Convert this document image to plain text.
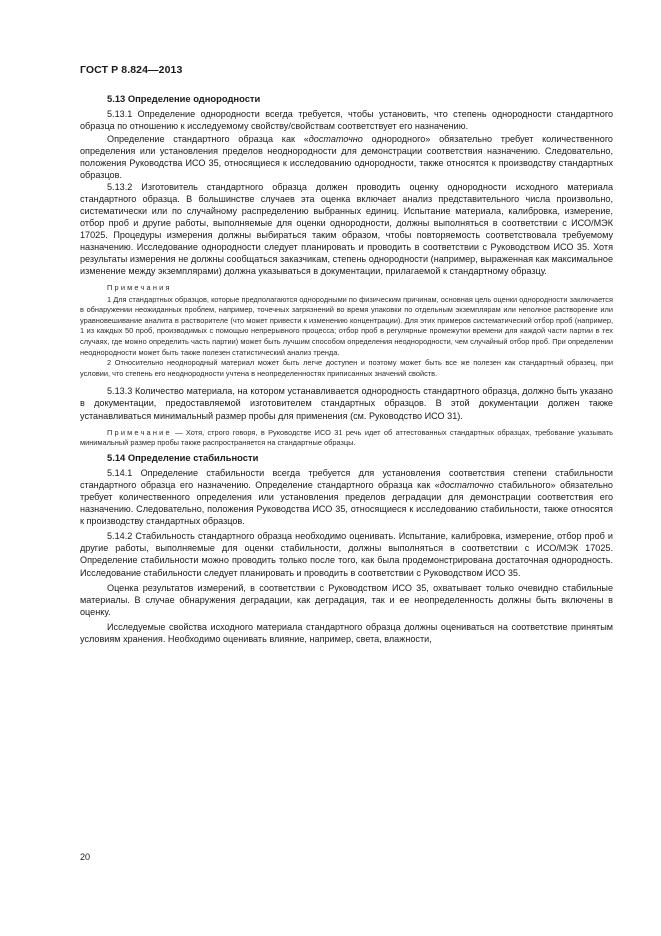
ГОСТ Р 8.824—2013
5.13 Определение однородности

5.13.1 Определение однородности всегда требуется, чтобы установить, что степень однородности стандартного образца по отношению к исследуемому свойству/свойствам соответствует его назначению.

Определение стандартного образца как «достаточно однородного» обязательно требует количественного определения или установления пределов неоднородности для демонстрации соответствия назначению. Следовательно, положения Руководства ИСО 35, относящиеся к исследованию однородности, также относятся к производству стандартных образцов.

5.13.2 Изготовитель стандартного образца должен проводить оценку однородности исходного материала стандартного образца. В большинстве случаев эта оценка включает анализ представительного числа произвольно, систематически или по случайному распределению выбранных единиц. Испытание материала, калибровка, измерение, отбор проб и другие работы, выполняемые для оценки однородности, должны выполняться в соответствии с ИСО/МЭК 17025. Процедуры измерения должны выбираться таким образом, чтобы повторяемость соответствовала требуемому назначению. Исследование однородности следует планировать и проводить в соответствии с Руководством ИСО 35. Хотя результаты измерения не должны сообщаться заказчикам, степень однородности (например, выраженная как максимальное изменение между экземплярами) должна указываться в документации, прилагаемой к стандартному образцу.

Примечания

1 Для стандартных образцов, которые предполагаются однородными по физическим причинам, основная цель оценки однородности заключается в обнаружении неожиданных проблем, например, точечных загрязнений во время упаковки по отдельным экземплярам или неполное растворение или уравновешивание аналита в растворителе (что может привести к изменению концентрации). Для этих примеров систематический отбор проб (например, 1 из каждых 50 проб, производимых с помощью непрерывного процесса; отбор проб в регулярные промежутки времени для каждой части партии в тех случаях, где можно определить часть партии) может быть лучшим способом определения неоднородности, чем случайный отбор проб. При определении неоднородности может быть также полезен статистический анализ тренда.

2 Относительно неоднородный материал может быть легче доступен и поэтому может быть все же полезен как стандартный образец, при условии, что степень его неоднородности учтена в неопределенностях приписанных значений свойств.

5.13.3 Количество материала, на котором устанавливается однородность стандартного образца, должно быть указано в документации, предоставляемой изготовителем стандартных образцов. В этой документации должен также устанавливаться минимальный размер пробы для применения (см. Руководство ИСО 31).

Примечание — Хотя, строго говоря, в Руководстве ИСО 31 речь идет об аттестованных стандартных образцах, требование указывать минимальный размер пробы также распространяется на стандартные образцы.

5.14 Определение стабильности

5.14.1 Определение стабильности всегда требуется для установления соответствия степени стабильности стандартного образца его назначению. Определение стандартного образца как «достаточно стабильного» обязательно требует количественного определения или установления пределов деградации для демонстрации соответствия его назначению. Следовательно, положения Руководства ИСО 35, относящиеся к исследованию стабильности, также относятся к производству стандартных образцов.

5.14.2 Стабильность стандартного образца необходимо оценивать. Испытание, калибровка, измерение, отбор проб и другие работы, выполняемые для оценки стабильности, должны выполняться в соответствии с ИСО/МЭК 17025. Определение стабильности можно проводить только после того, как была продемонстрирована достаточная однородность. Исследование стабильности следует планировать и проводить в соответствии с Руководством ИСО 35.

Оценка результатов измерений, в соответствии с Руководством ИСО 35, охватывает только очевидно стабильные материалы. В случае обнаружения деградации, как деградация, так и ее неопределенность должны быть включены в оценку.

Исследуемые свойства исходного материала стандартного образца должны оцениваться на соответствие принятым условиям хранения. Необходимо оценивать влияние, например, света, влажности,

20
